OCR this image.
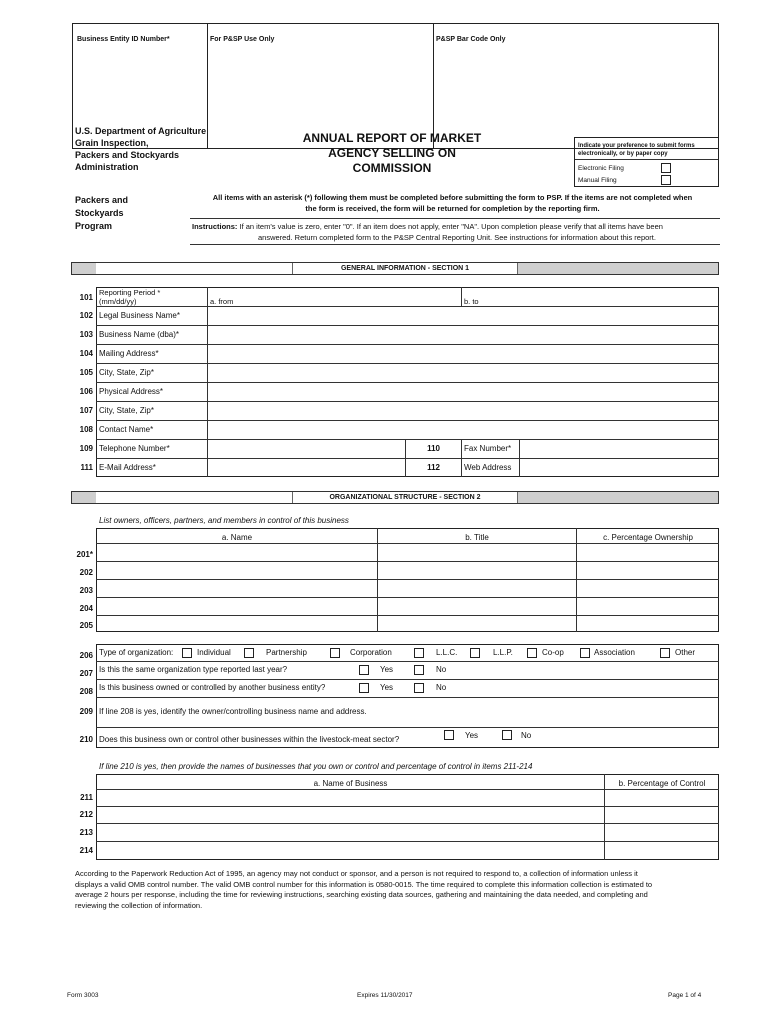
Business Entity ID Number*	For P&SP Use Only	P&SP Bar Code Only
U.S. Department of Agriculture
Grain Inspection,
Packers and Stockyards
Administration
Packers and
Stockyards
Program
ANNUAL REPORT OF MARKET
AGENCY SELLING ON
COMMISSION
Indicate your preference to submit forms
electronically, or by paper copy
Electronic Filing
Manual Filing
All items with an asterisk (*) following them must be completed before submitting the form to PSP. If the items are not completed when
the form is received, the form will be returned for completion by the reporting firm.
Instructions: If an item's value is zero, enter "0". If an item does not apply, enter "NA". Upon completion please verify that all items have been
answered. Return completed form to the P&SP Central Reporting Unit. See instructions for information about this report.
GENERAL INFORMATION - SECTION 1
101
Reporting Period *
(mm/dd/yy)	a. from	b. to
102 Legal Business Name*
103 Business Name (dba)*
104 Mailing Address*
105 City, State, Zip*
106 Physical Address*
107 City, State, Zip*
108 Contact Name*
109 Telephone Number*	110	Fax Number*
111 E-Mail Address*	112	Web Address
ORGANIZATIONAL STRUCTURE - SECTION 2
List owners, officers, partners, and members in control of this business
a. Name	b. Title	c. Percentage Ownership
201*
202
203
204
205
206 Type of organization:	Individual	Partnership	Corporation	L.L.C.	L.L.P.	Co-op	Association	Other
207 Is this the same organization type reported last year?	Yes	No
208 Is this business owned or controlled by another business entity?	Yes	No
209 If line 208 is yes, identify the owner/controlling business name and address.
210 Does this business own or control other businesses within the livestock-meat sector?	Yes	No
If line 210 is yes, then provide the names of businesses that you own or control and percentage of control in items 211-214
a. Name of Business	b. Percentage of Control
211
212
213
214
According to the Paperwork Reduction Act of 1995, an agency may not conduct or sponsor, and a person is not required to respond to, a collection of information unless it
displays a valid OMB control number. The valid OMB control number for this information is 0580-0015. The time required to complete this information collection is estimated to
average 2 hours per response, including the time for reviewing instructions, searching existing data sources, gathering and maintaining the data needed, and completing and
reviewing the collection of information.
Form 3003	Expires 11/30/2017	Page 1 of 4
